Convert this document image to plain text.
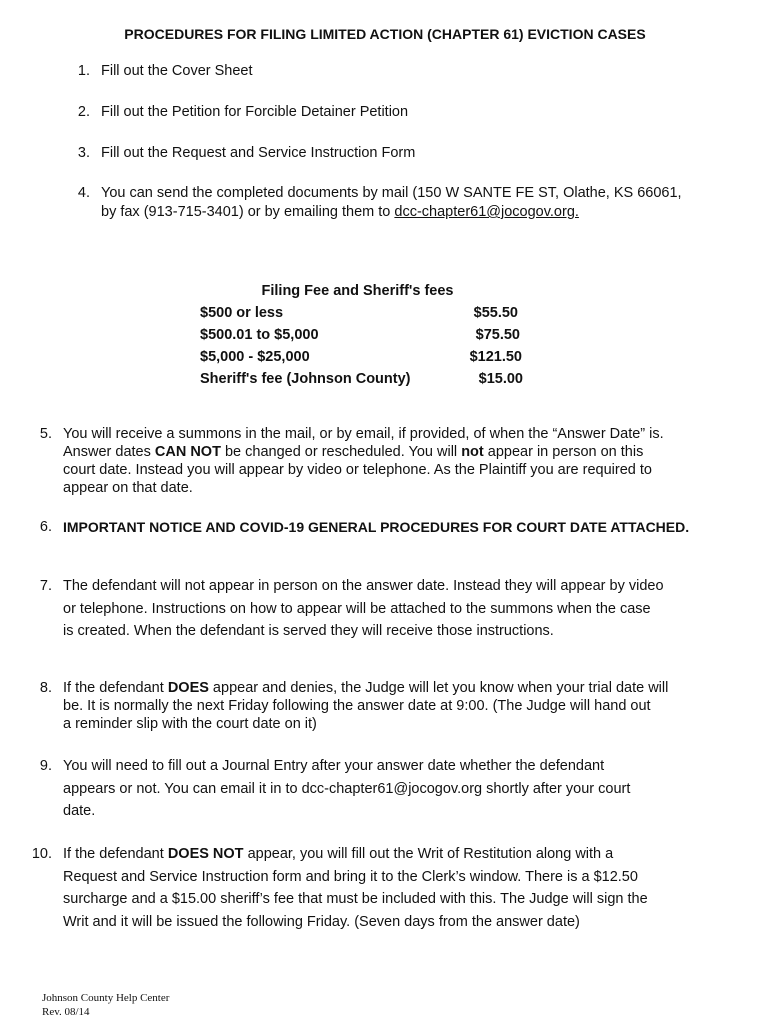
PROCEDURES FOR FILING LIMITED ACTION (CHAPTER 61) EVICTION CASES
1. Fill out the Cover Sheet
2. Fill out the Petition for Forcible Detainer Petition
3. Fill out the Request and Service Instruction Form
4. You can send the completed documents by mail (150 W SANTE FE ST, Olathe, KS 66061,
by fax (913-715-3401) or by emailing them to dcc-chapter61@jocogov.org.
Filing Fee and Sheriff's fees
$500 or less	$55.50
$500.01 to $5,000	$75.50
$5,000 - $25,000	$121.50
Sheriff's fee (Johnson County)	$15.00
5. You will receive a summons in the mail, or by email, if provided, of when the “Answer Date” is.
Answer dates CAN NOT be changed or rescheduled. You will not appear in person on this
court date. Instead you will appear by video or telephone. As the Plaintiff you are required to
appear on that date.
6. IMPORTANT NOTICE AND COVID-19 GENERAL PROCEDURES FOR COURT DATE ATTACHED.
7. The defendant will not appear in person on the answer date. Instead they will appear by video
or telephone. Instructions on how to appear will be attached to the summons when the case
is created. When the defendant is served they will receive those instructions.
8. If the defendant DOES appear and denies, the Judge will let you know when your trial date will
be. It is normally the next Friday following the answer date at 9:00. (The Judge will hand out
a reminder slip with the court date on it)
9. You will need to fill out a Journal Entry after your answer date whether the defendant
appears or not. You can email it in to dcc-chapter61@jocogov.org shortly after your court
date.
10. If the defendant DOES NOT appear, you will fill out the Writ of Restitution along with a
Request and Service Instruction form and bring it to the Clerk’s window. There is a $12.50
surcharge and a $15.00 sheriff’s fee that must be included with this. The Judge will sign the
Writ and it will be issued the following Friday. (Seven days from the answer date)
Johnson County Help Center
Rev. 08/14
